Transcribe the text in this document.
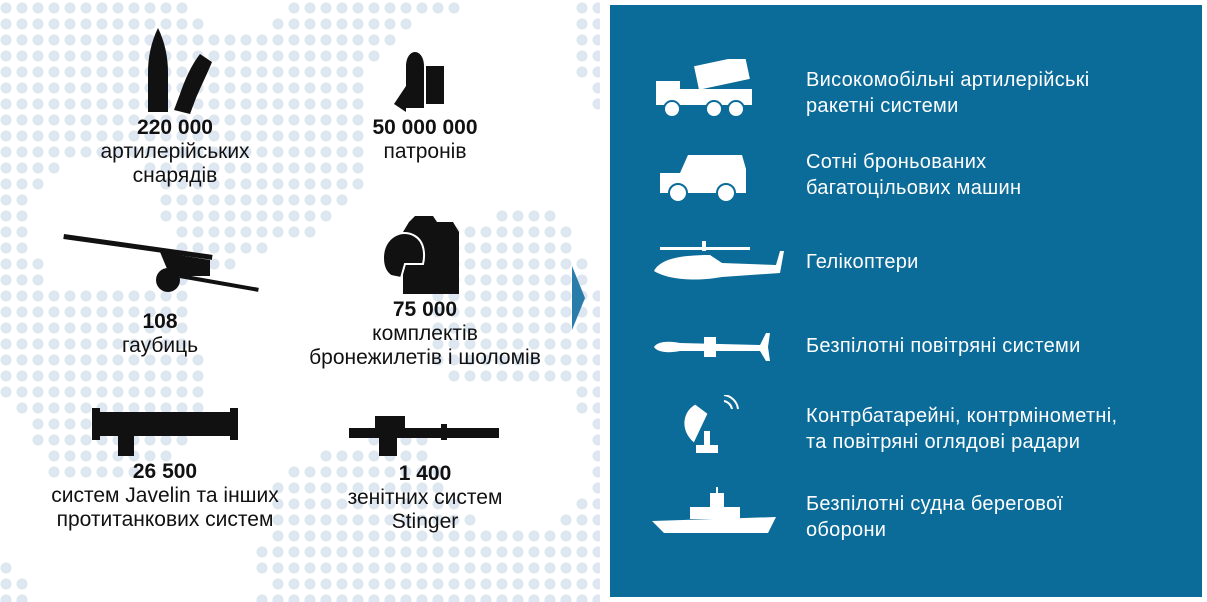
220 000
артилерійських
снарядів
50 000 000
патронів
108
гаубиць
75 000
комплектів
бронежилетів і шоломів
26 500
систем Javelin та інших
протитанкових систем
1 400
зенітних систем
Stinger
Високомобільні артилерійські
ракетні системи
Сотні броньованих
багатоцільових машин
Гелікоптери
Безпілотні повітряні системи
Контрбатарейні, контрмінометні,
та повітряні оглядові радари
Безпілотні судна берегової
оборони
